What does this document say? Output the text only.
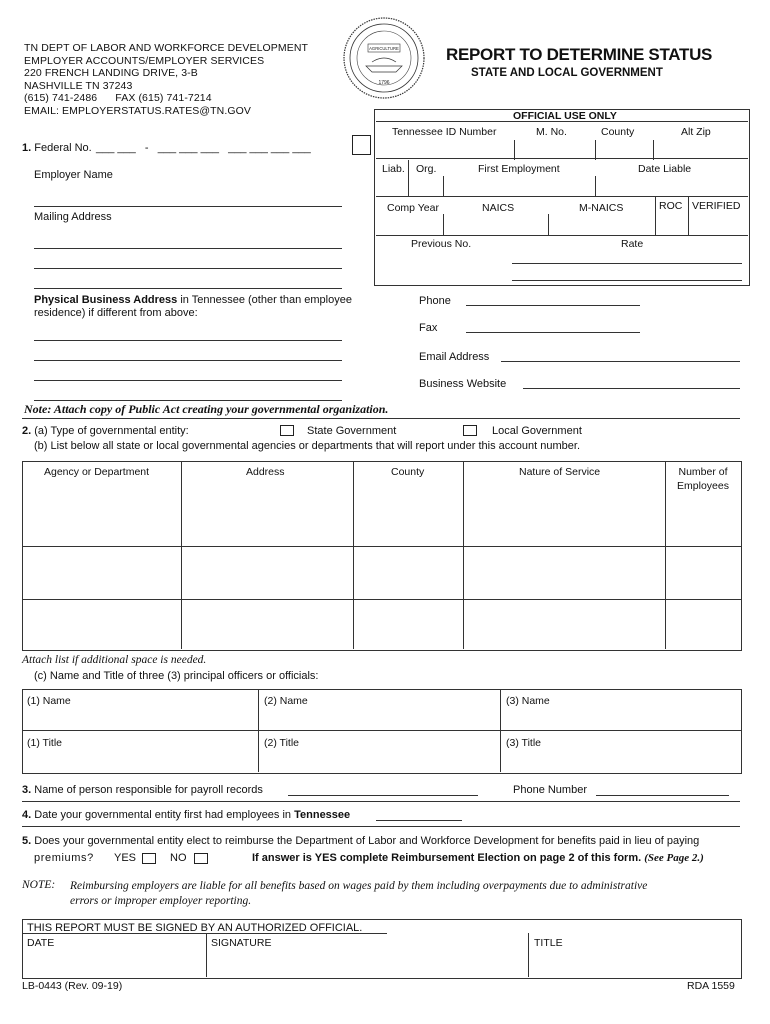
TN DEPT OF LABOR AND WORKFORCE DEVELOPMENT
EMPLOYER ACCOUNTS/EMPLOYER SERVICES
220 FRENCH LANDING DRIVE, 3-B
NASHVILLE TN 37243
(615) 741-2486      FAX (615) 741-7214
EMAIL: EMPLOYERSTATUS.RATES@TN.GOV
AGRICULTURE
1796
REPORT TO DETERMINE STATUS
STATE AND LOCAL GOVERNMENT
OFFICIAL USE ONLY
Tennessee ID Number	M. No.	County	Alt Zip
Liab. Org.	First Employment	Date Liable
Comp Year	NAICS	M-NAICS	ROC VERIFIED
Previous No.	Rate
1. Federal No. ___ ___   -   ___ ___ ___   ___ ___ ___ ___
Employer Name
Mailing Address
Physical Business Address in Tennessee (other than employee
residence) if different from above:
Phone
Fax
Email Address
Business Website
Note: Attach copy of Public Act creating your governmental organization.
2. (a) Type of governmental entity:	State Government	Local Government
(b) List below all state or local governmental agencies or departments that will report under this account number.
Agency or Department	Address	County	Nature of Service	Number of
Employees
Attach list if additional space is needed.
(c) Name and Title of three (3) principal officers or officials:
(1) Name	(2) Name	(3) Name
(1) Title	(2) Title	(3) Title
3. Name of person responsible for payroll records	Phone Number
4. Date your governmental entity first had employees in Tennessee
5. Does your governmental entity elect to reimburse the Department of Labor and Workforce Development for benefits paid in lieu of paying
premiums? YES	NO	If answer is YES complete Reimbursement Election on page 2 of this form. (See Page 2.)
NOTE: Reimbursing employers are liable for all benefits based on wages paid by them including overpayments due to administrative
errors or improper employer reporting.
THIS REPORT MUST BE SIGNED BY AN AUTHORIZED OFFICIAL.
DATE	SIGNATURE	TITLE
LB-0443 (Rev. 09-19)	RDA 1559
